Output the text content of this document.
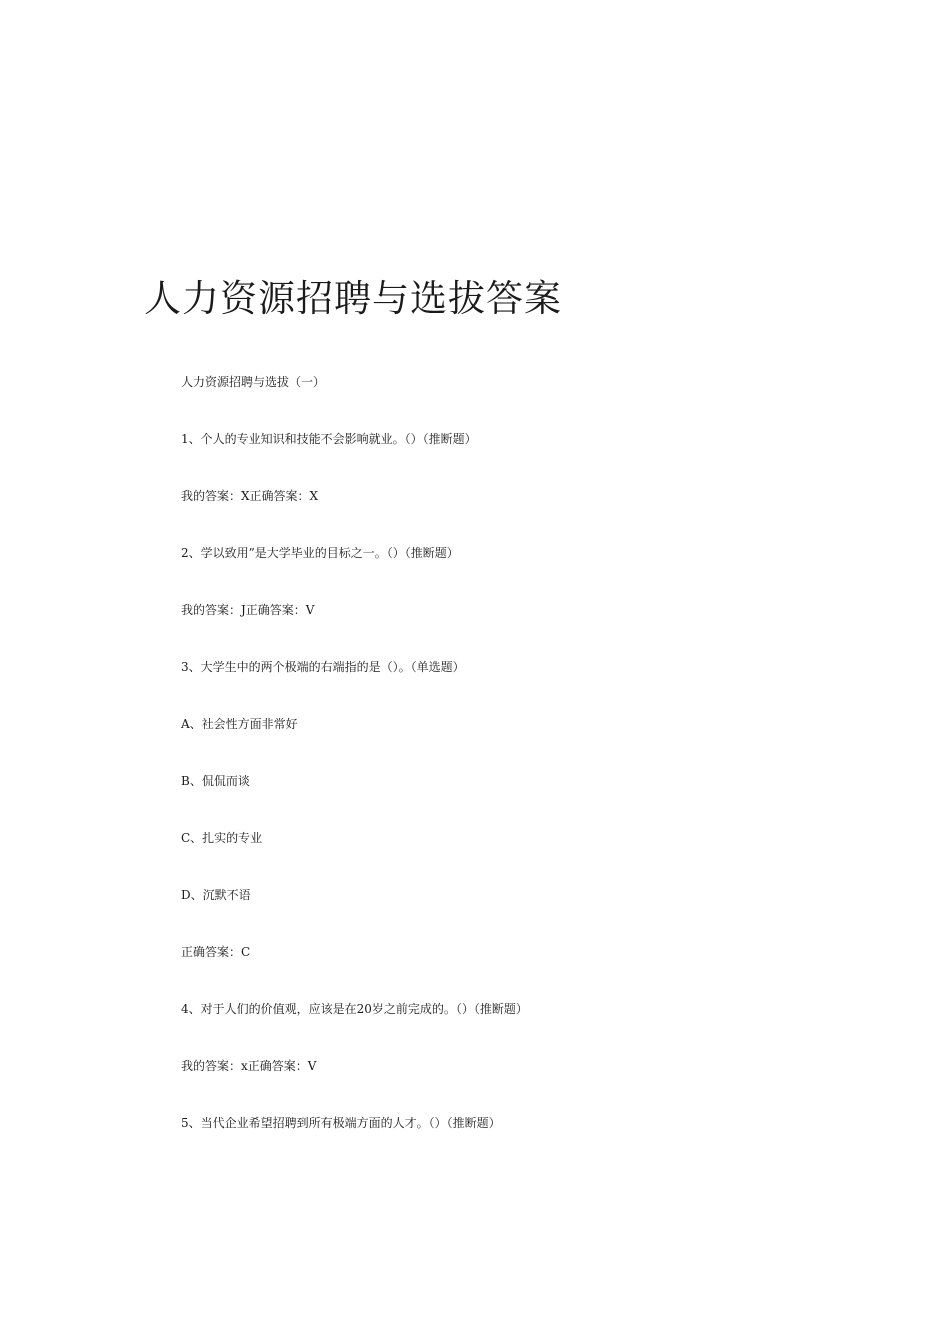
人力资源招聘与选拔答案
人力资源招聘与选拔（一）
1、个人的专业知识和技能不会影响就业。（）（推断题）
我的答案：X正确答案：X
2、学以致用”是大学毕业的目标之一。（）（推断题）
我的答案：J正确答案：V
3、大学生中的两个极端的右端指的是（）。（单选题）
A、社会性方面非常好
B、侃侃而谈
C、扎实的专业
D、沉默不语
正确答案：C
4、对于人们的价值观，应该是在20岁之前完成的。（）（推断题）
我的答案：x正确答案：V
5、当代企业希望招聘到所有极端方面的人才。（）（推断题）
